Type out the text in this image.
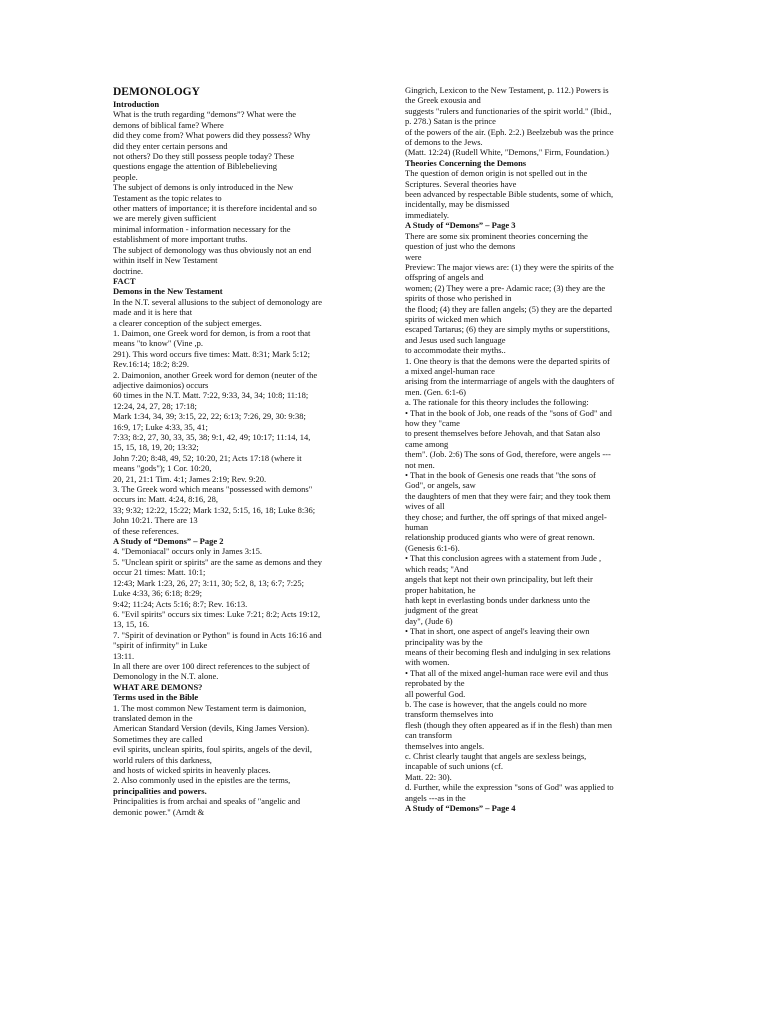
DEMONOLOGY
Introduction
What is the truth regarding “demons”? What were the
demons of biblical fame? Where
did they come from? What powers did they possess? Why
did they enter certain persons and
not others? Do they still possess people today? These
questions engage the attention of Biblebelieving
people.
The subject of demons is only introduced in the New
Testament as the topic relates to
other matters of importance; it is therefore incidental and so
we are merely given sufficient
minimal information - information necessary for the
establishment of more important truths.
The subject of demonology was thus obviously not an end
within itself in New Testament
doctrine.
FACT
Demons in the New Testament
In the N.T. several allusions to the subject of demonology are
made and it is here that
a clearer conception of the subject emerges.
1. Daimon, one Greek word for demon, is from a root that
means "to know" (Vine ,p.
291). This word occurs five times: Matt. 8:31; Mark 5:12;
Rev.16:14; 18:2; 8:29.
2. Daimonion, another Greek word for demon (neuter of the
adjective daimonios) occurs
60 times in the N.T. Matt. 7:22, 9:33, 34, 34; 10:8; 11:18;
12:24, 24, 27, 28; 17:18;
Mark 1:34, 34, 39; 3:15, 22, 22; 6:13; 7:26, 29, 30: 9:38;
16:9, 17; Luke 4:33, 35, 41;
7:33; 8:2, 27, 30, 33, 35, 38; 9:1, 42, 49; 10:17; 11:14, 14,
15, 15, 18, 19, 20; 13:32;
John 7:20; 8:48, 49, 52; 10:20, 21; Acts 17:18 (where it
means "gods"); 1 Cor. 10:20,
20, 21, 21:1 Tim. 4:1; James 2:19; Rev. 9:20.
3. The Greek word which means "possessed with demons"
occurs in: Matt. 4:24, 8:16, 28,
33; 9:32; 12:22, 15:22; Mark 1:32, 5:15, 16, 18; Luke 8:36;
John 10:21. There are 13
of these references.
A Study of “Demons” – Page 2
4. "Demoniacal" occurs only in James 3:15.
5. "Unclean spirit or spirits" are the same as demons and they
occur 21 times: Matt. 10:1;
12:43; Mark 1:23, 26, 27; 3:11, 30; 5:2, 8, 13; 6:7; 7:25;
Luke 4:33, 36; 6:18; 8:29;
9:42; 11:24; Acts 5:16; 8:7; Rev. 16:13.
6. "Evil spirits" occurs six times: Luke 7:21; 8:2; Acts 19:12,
13, 15, 16.
7. "Spirit of devination or Python" is found in Acts 16:16 and
"spirit of infirmity" in Luke
13:11.
In all there are over 100 direct references to the subject of
Demonology in the N.T. alone.
WHAT ARE DEMONS?
Terms used in the Bible
1. The most common New Testament term is daimonion,
translated demon in the
American Standard Version (devils, King James Version).
Sometimes they are called
evil spirits, unclean spirits, foul spirits, angels of the devil,
world rulers of this darkness,
and hosts of wicked spirits in heavenly places.
2. Also commonly used in the epistles are the terms,
principalities and powers.
Principalities is from archai and speaks of "angelic and
demonic power." (Arndt &
Gingrich, Lexicon to the New Testament, p. 112.) Powers is
the Greek exousia and
suggests "rulers and functionaries of the spirit world." (Ibid.,
p. 278.) Satan is the prince
of the powers of the air. (Eph. 2:2.) Beelzebub was the prince
of demons to the Jews.
(Matt. 12:24) (Rudell White, "Demons," Firm, Foundation.)
Theories Concerning the Demons
The question of demon origin is not spelled out in the
Scriptures. Several theories have
been advanced by respectable Bible students, some of which,
incidentally, may be dismissed
immediately.
A Study of “Demons” – Page 3
There are some six prominent theories concerning the
question of just who the demons
were
Preview: The major views are: (1) they were the spirits of the
offspring of angels and
women; (2) They were a pre- Adamic race; (3) they are the
spirits of those who perished in
the flood; (4) they are fallen angels; (5) they are the departed
spirits of wicked men which
escaped Tartarus; (6) they are simply myths or superstitions,
and Jesus used such language
to accommodate their myths..
1. One theory is that the demons were the departed spirits of
a mixed angel-human race
arising from the intermarriage of angels with the daughters of
men. (Gen. 6:1-6)
a. The rationale for this theory includes the following:
• That in the book of Job, one reads of the "sons of God" and
how they "came
to present themselves before Jehovah, and that Satan also
came among
them". (Job. 2:6) The sons of God, therefore, were angels ---
not men.
• That in the book of Genesis one reads that "the sons of
God", or angels, saw
the daughters of men that they were fair; and they took them
wives of all
they chose; and further, the off springs of that mixed angel-
human
relationship produced giants who were of great renown.
(Genesis 6:1-6).
• That this conclusion agrees with a statement from Jude ,
which reads; "And
angels that kept not their own principality, but left their
proper habitation, he
hath kept in everlasting bonds under darkness unto the
judgment of the great
day", (Jude 6)
• That in short, one aspect of angel's leaving their own
principality was by the
means of their becoming flesh and indulging in sex relations
with women.
• That all of the mixed angel-human race were evil and thus
reprobated by the
all powerful God.
b. The case is however, that the angels could no more
transform themselves into
flesh (though they often appeared as if in the flesh) than men
can transform
themselves into angels.
c. Christ clearly taught that angels are sexless beings,
incapable of such unions (cf.
Matt. 22: 30).
d. Further, while the expression "sons of God" was applied to
angels ---as in the
A Study of “Demons” – Page 4
